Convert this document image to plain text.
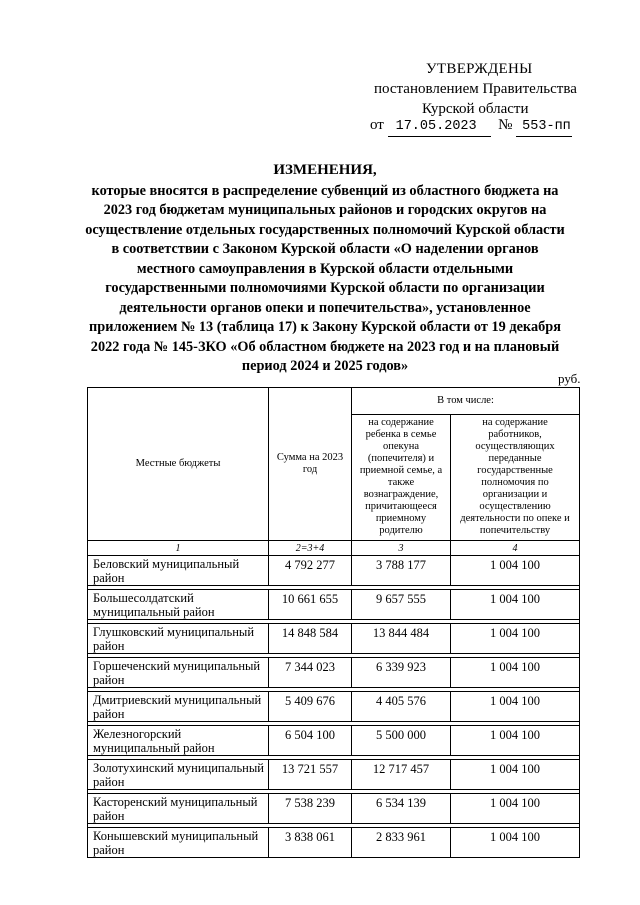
УТВЕРЖДЕНЫ
постановлением Правительства
Курской области
от 17.05.2023 № 553-пп
ИЗМЕНЕНИЯ,
которые вносятся в распределение субвенций из областного бюджета на 2023 год бюджетам муниципальных районов и городских округов на осуществление отдельных государственных полномочий Курской области в соответствии с Законом Курской области «О наделении органов местного самоуправления в Курской области отдельными государственными полномочиями Курской области по организации деятельности органов опеки и попечительства», установленное приложением № 13 (таблица 17) к Закону Курской области от 19 декабря 2022 года № 145-ЗКО «Об областном бюджете на 2023 год и на плановый период 2024 и 2025 годов»
руб.
Местные бюджеты	Сумма на 2023 год	В том числе:	
		на содержание ребенка в семье опекуна (попечителя) и приемной семье, а также вознаграждение, причитающееся приемному родителю	на содержание работников, осуществляющих переданные государственные полномочия по организации и осуществлению деятельности по опеке и попечительству
1	2=3+4	3	4
Беловский муниципальный район	4 792 277	3 788 177	1 004 100

Большесолдатский муниципальный район	10 661 655	9 657 555	1 004 100

Глушковский муниципальный район	14 848 584	13 844 484	1 004 100

Горшеченский муниципальный район	7 344 023	6 339 923	1 004 100

Дмитриевский муниципальный район	5 409 676	4 405 576	1 004 100

Железногорский муниципальный район	6 504 100	5 500 000	1 004 100

Золотухинский муниципальный район	13 721 557	12 717 457	1 004 100

Касторенский муниципальный район	7 538 239	6 534 139	1 004 100

Конышевский муниципальный район	3 838 061	2 833 961	1 004 100
